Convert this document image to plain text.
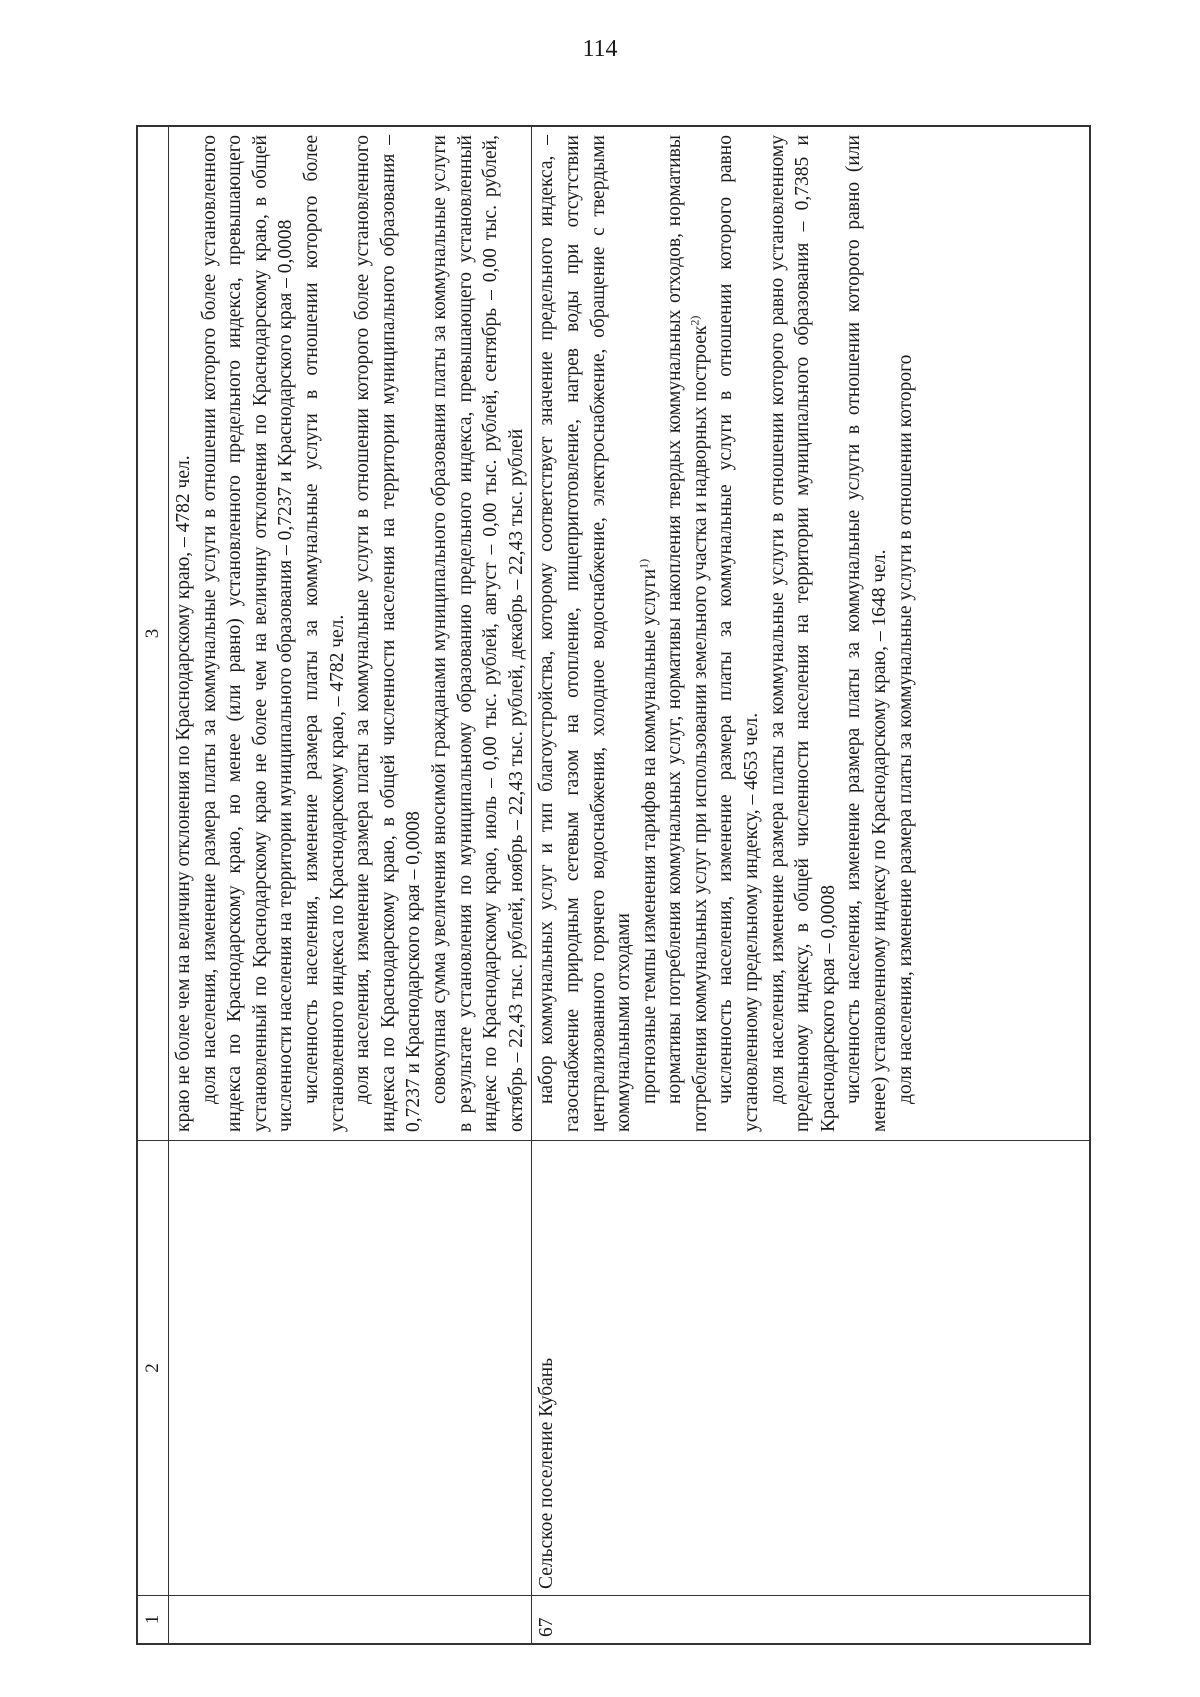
114
1
2
3 краю не более чем на величину отклонения по Краснодарскому краю, – 4782 чел. доля населения, изменение размера платы за коммунальные услуги в отношении которого более установленного индекса по Краснодарскому краю, но менее (или равно) установленного предельного индекса, превышающего установленный по Краснодарскому краю не более чем на величину отклонения по Краснодарскому краю, в общей численности населения на территории муниципального образования – 0,7237 и Краснодарского края – 0,0008 численность населения, изменение размера платы за коммунальные услуги в отношении которого более установленного индекса по Краснодарскому краю, – 4782 чел. доля населения, изменение размера платы за коммунальные услуги в отношении которого более установленного индекса по Краснодарскому краю, в общей численности населения на территории муниципального образования – 0,7237 и Краснодарского края – 0,0008 совокупная сумма увеличения вносимой гражданами муниципального образования платы за коммунальные услуги в результате установления по муниципальному образованию предельного индекса, превышающего установленный индекс по Краснодарскому краю, июль – 0,00 тыс. рублей, август – 0,00 тыс. рублей, сентябрь – 0,00 тыс. рублей, октябрь – 22,43 тыс. рублей, ноябрь – 22,43 тыс. рублей, декабрь – 22,43 тыс. рублей

67
Сельское поселение Кубань

набор коммунальных услуг и тип благоустройства, которому соответствует значение предельного индекса, – газоснабжение природным сетевым газом на отопление, пищеприготовление, нагрев воды при отсутствии централизованного горячего водоснабжения, холодное водоснабжение, электроснабжение, обращение с твердыми коммунальными отходами прогнозные темпы изменения тарифов на коммунальные услуги$^{1)}$ нормативы потребления коммунальных услуг, нормативы накопления твердых коммунальных отходов, нормативы потребления коммунальных услуг при использовании земельного участка и надворных построек$^{2)}$ численность населения, изменение размера платы за коммунальные услуги в отношении которого равно установленному предельному индексу, – 4653 чел. доля населения, изменение размера платы за коммунальные услуги в отношении которого равно установленному предельному индексу, в общей численности населения на территории муниципального образования – 0,7385 и Краснодарского края – 0,0008 численность населения, изменение размера платы за коммунальные услуги в отношении которого равно (или менее) установленному индексу по Краснодарскому краю, – 1648 чел. доля населения, изменение размера платы за коммунальные услуги в отношении которого
